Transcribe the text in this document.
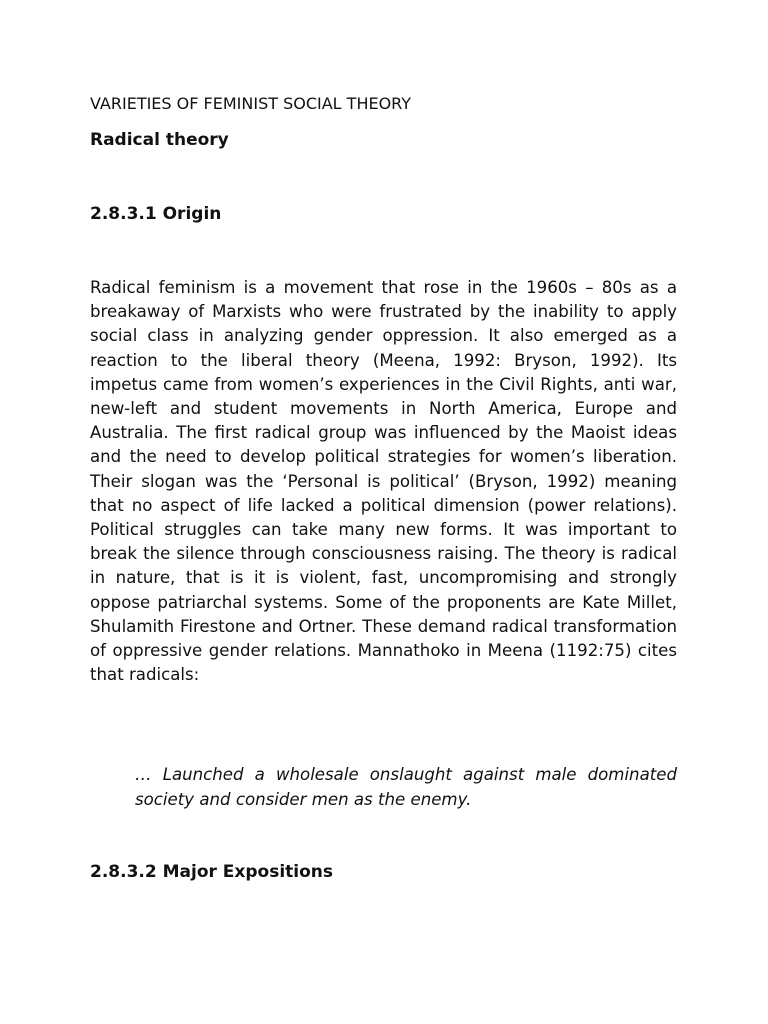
VARIETIES OF FEMINIST SOCIAL THEORY
Radical theory
2.8.3.1 Origin

Radical feminism is a movement that rose in the 1960s – 80s as a breakaway of Marxists who were frustrated by the inability to apply social class in analyzing gender oppression. It also emerged as a reaction to the liberal theory (Meena, 1992: Bryson, 1992). Its impetus came from women’s experiences in the Civil Rights, anti war, new-left and student movements in North America, Europe and Australia. The first radical group was influenced by the Maoist ideas and the need to develop political strategies for women’s liberation. Their slogan was the ‘Personal is political’ (Bryson, 1992) meaning that no aspect of life lacked a political dimension (power relations). Political struggles can take many new forms. It was important to break the silence through consciousness raising. The theory is radical in nature, that is it is violent, fast, uncompromising and strongly oppose patriarchal systems. Some of the proponents are Kate Millet, Shulamith Firestone and Ortner. These demand radical transformation of oppressive gender relations. Mannathoko in Meena (1192:75) cites that radicals:

… Launched a wholesale onslaught against male dominated society and consider men as the enemy.

2.8.3.2 Major Expositions
